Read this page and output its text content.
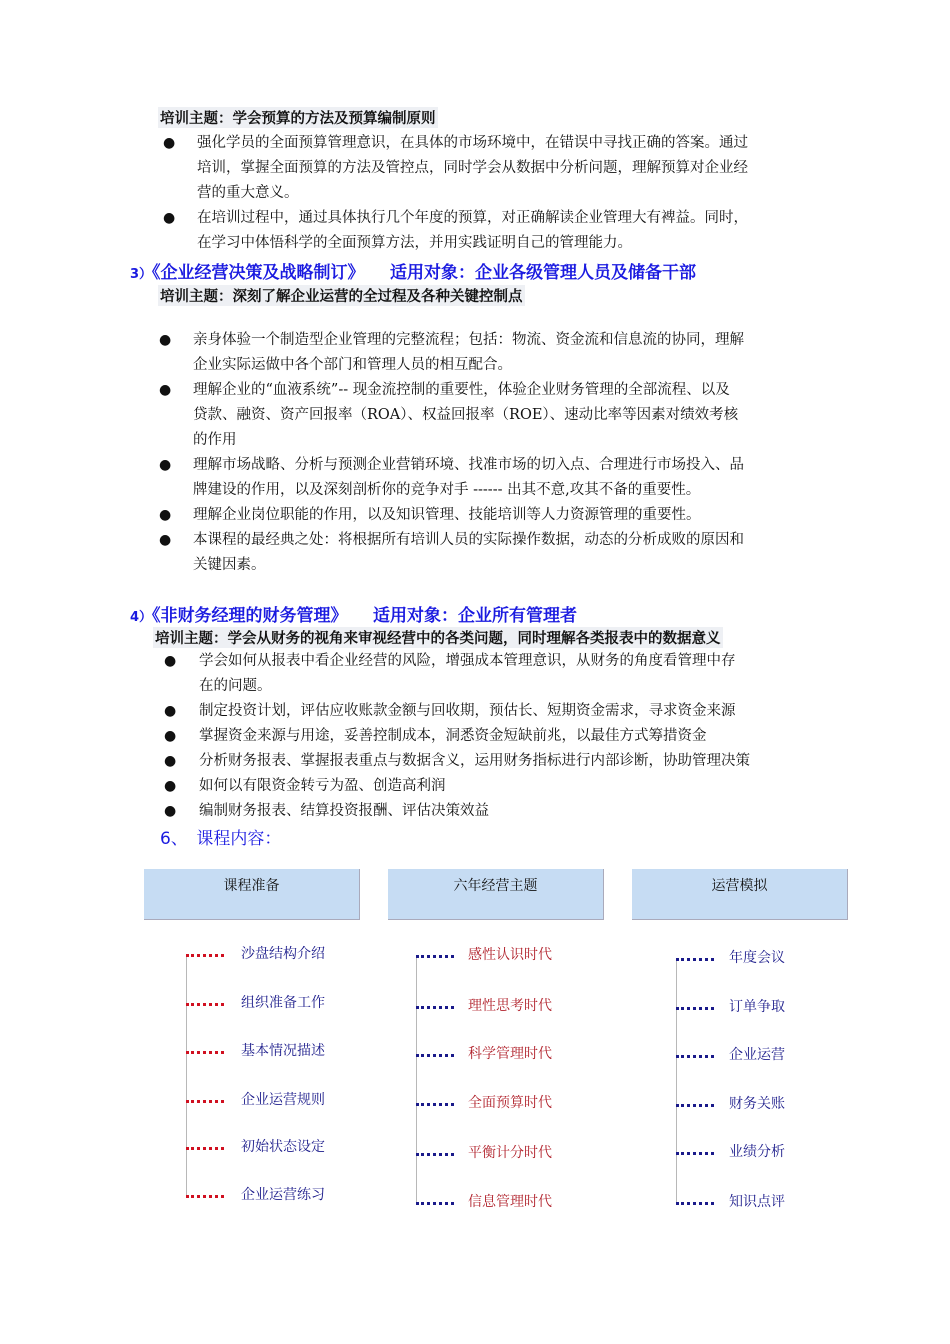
培训主题：学会预算的方法及预算编制原则
● 强化学员的全面预算管理意识，在具体的市场环境中，在错误中寻找正确的答案。通过
培训，掌握全面预算的方法及管控点，同时学会从数据中分析问题，理解预算对企业经
营的重大意义。
● 在培训过程中，通过具体执行几个年度的预算，对正确解读企业管理大有裨益。同时，
在学习中体悟科学的全面预算方法，并用实践证明自己的管理能力。
3）《企业经营决策及战略制订》　　适用对象：企业各级管理人员及储备干部
培训主题：深刻了解企业运营的全过程及各种关键控制点
● 亲身体验一个制造型企业管理的完整流程；包括：物流、资金流和信息流的协同，理解
企业实际运做中各个部门和管理人员的相互配合。
● 理解企业的“血液系统”-- 现金流控制的重要性，体验企业财务管理的全部流程、以及
贷款、融资、资产回报率（ROA）、权益回报率（ROE）、速动比率等因素对绩效考核
的作用
● 理解市场战略、分析与预测企业营销环境、找准市场的切入点、合理进行市场投入、品
牌建设的作用，以及深刻剖析你的竞争对手 ------ 出其不意,攻其不备的重要性。
● 理解企业岗位职能的作用，以及知识管理、技能培训等人力资源管理的重要性。
● 本课程的最经典之处：将根据所有培训人员的实际操作数据，动态的分析成败的原因和
关键因素。
4）《非财务经理的财务管理》　　适用对象：企业所有管理者
培训主题：学会从财务的视角来审视经营中的各类问题，同时理解各类报表中的数据意义
● 学会如何从报表中看企业经营的风险，增强成本管理意识，从财务的角度看管理中存
在的问题。
● 制定投资计划，评估应收账款金额与回收期，预估长、短期资金需求，寻求资金来源
● 掌握资金来源与用途，妥善控制成本，洞悉资金短缺前兆，以最佳方式筹措资金
● 分析财务报表、掌握报表重点与数据含义，运用财务指标进行内部诊断，协助管理决策
● 如何以有限资金转亏为盈、创造高利润
● 编制财务报表、结算投资报酬、评估决策效益
6、　课程内容：
课程准备
沙盘结构介绍
组织准备工作
基本情况描述
企业运营规则
初始状态设定
企业运营练习
六年经营主题
感性认识时代
理性思考时代
科学管理时代
全面预算时代
平衡计分时代
信息管理时代
运营模拟
年度会议
订单争取
企业运营
财务关账
业绩分析
知识点评
